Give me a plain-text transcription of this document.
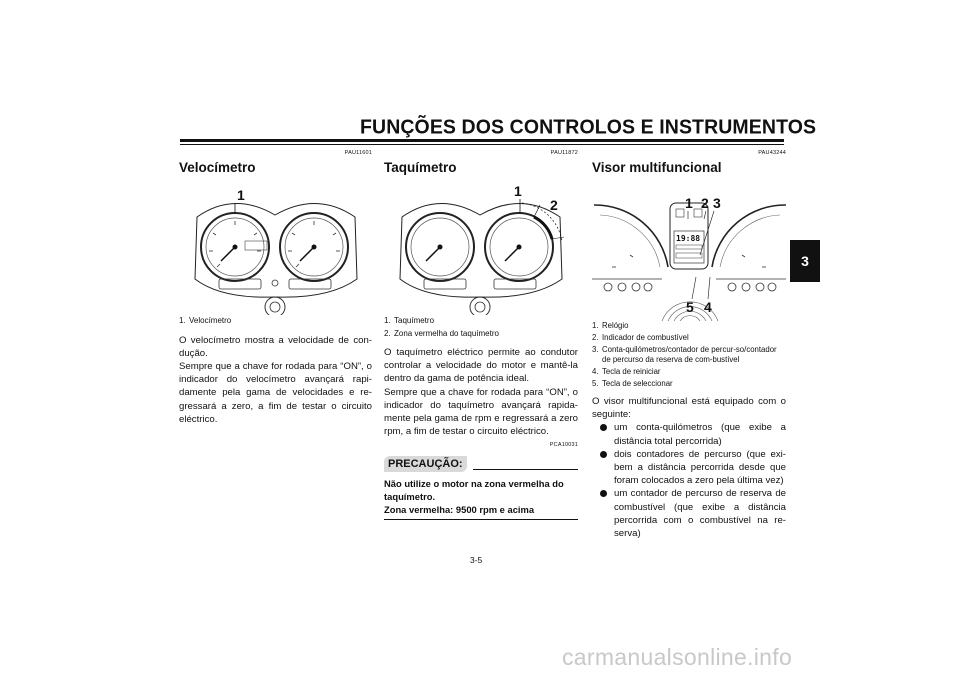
FUNÇÕES DOS CONTROLOS E INSTRUMENTOS
3
PAU11601
Velocímetro
1
1. Velocímetro

O velocímetro mostra a velocidade de con-dução.

Sempre que a chave for rodada para “ON”, o indicador do velocímetro avançará rapi-damente pela gama de velocidades e re-gressará a zero, a fim de testar o circuito eléctrico.

PAU11872
Taquímetro
1
2
1. Taquímetro
2. Zona vermelha do taquímetro

O taquímetro eléctrico permite ao condutor controlar a velocidade do motor e mantê-la dentro da gama de potência ideal.

Sempre que a chave for rodada para “ON”, o indicador do taquímetro avançará rapida-mente pela gama de rpm e regressará a zero rpm, a fim de testar o circuito eléctrico.

PCA10031
PRECAUÇÃO:
Não utilize o motor na zona vermelha do taquímetro.
Zona vermelha: 9500 rpm e acima
PAU43244
Visor multifuncional
19:88
1 2 3
4
5
1. Relógio
2. Indicador de combustível
3. Conta-quilómetros/contador de percur-so/contador de percurso da reserva de com-bustível
4. Tecla de reiniciar
5. Tecla de seleccionar

O visor multifuncional está equipado com o seguinte:

um conta-quilómetros (que exibe a distância total percorrida)
dois contadores de percurso (que exi-bem a distância percorrida desde que foram colocados a zero pela última vez)
um contador de percurso de reserva de combustível (que exibe a distância percorrida com o combustível na re-serva)
3-5
carmanualsonline.info
